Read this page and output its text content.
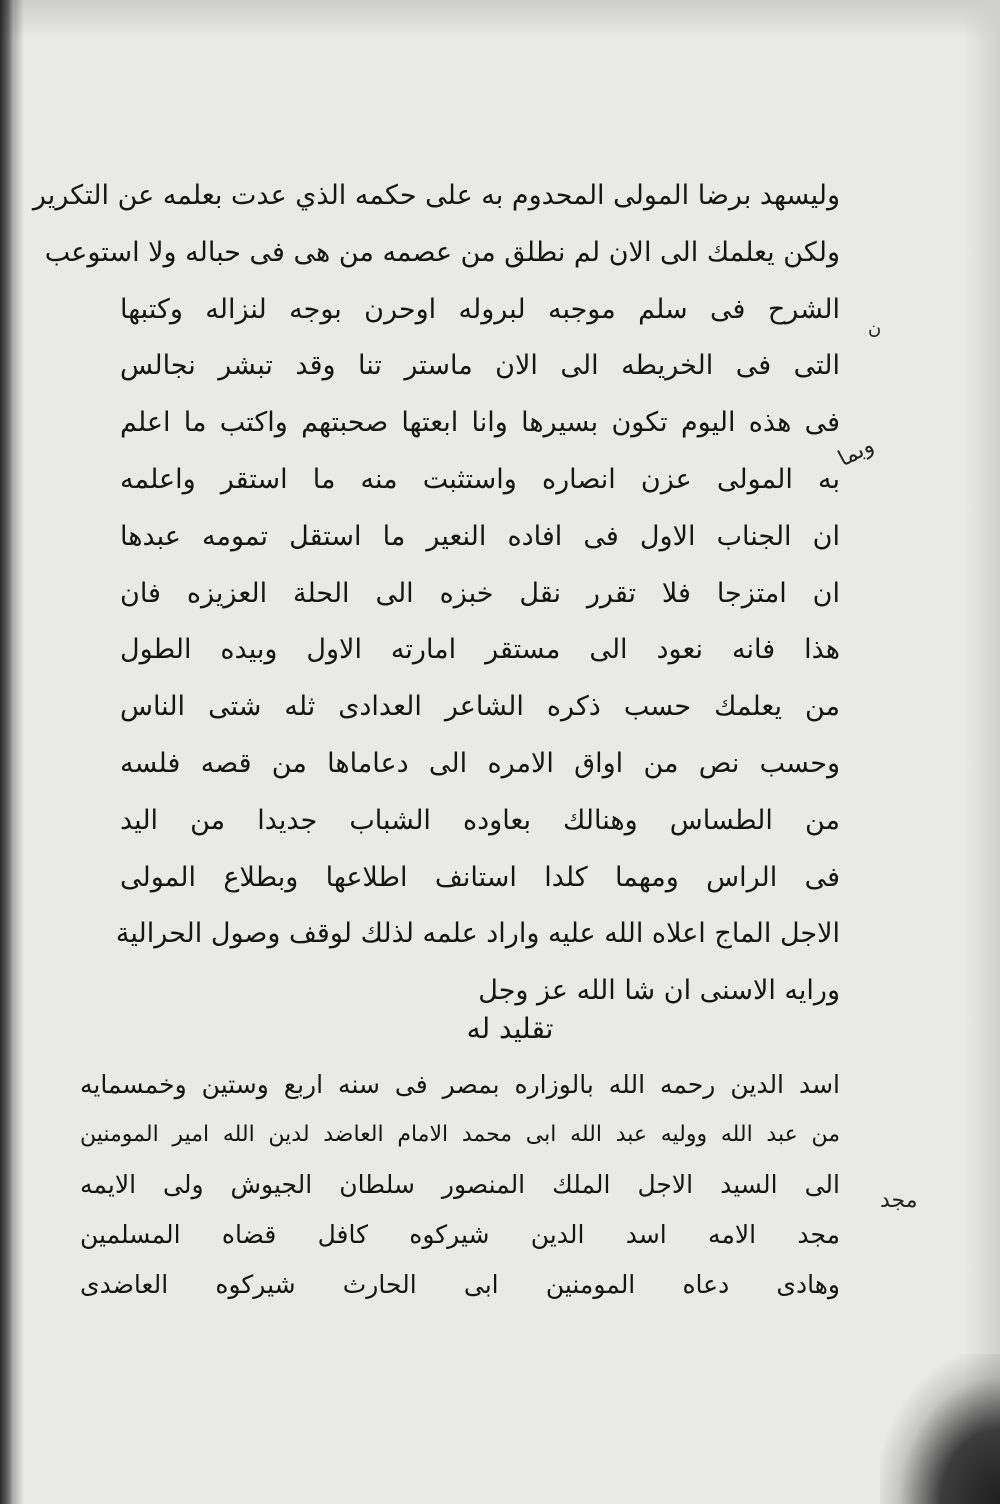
وليسهد برضا المولى المحدوم به على حكمه الذي عدت بعلمه عن التكرير
ولكن يعلمك الى الان لم نطلق من عصمه من هى فى حباله ولا استوعب
الشرح فى سلم موجبه لبروله اوحرن بوجه لنزاله وكتبها
التى فى الخريطه الى الان ماستر تنا وقد تبشر نجالس
فى هذه اليوم تكون بسيرها وانا ابعتها صحبتهم واكتب ما اعلم
به المولى عزن انصاره واستثبت منه ما استقر واعلمه
ان الجناب الاول فى افاده النعير ما استقل تمومه عبدها
ان امتزجا فلا تقرر نقل خبزه الى الحلة العزيزه فان
هذا فانه نعود الى مستقر امارته الاول وبيده الطول
من يعلمك حسب ذكره الشاعر العدادى ثله شتى الناس
وحسب نص من اواق الامره الى دعاماها من قصه فلسه
من الطساس وهنالك بعاوده الشباب جديدا من اليد
فى الراس ومهما كلدا استانف اطلاعها وبطلاع المولى
الاجل الماج اعلاه الله عليه واراد علمه لذلك لوقف وصول الحرالية
ورايه الاسنى ان شا الله عز وجل
تقليد له
اسد الدين رحمه الله بالوزاره بمصر فى سنه اربع وستين وخمسمايه
من عبد الله ووليه عبد الله ابى محمد الامام العاضد لدين الله امير المومنين
الى السيد الاجل الملك المنصور سلطان الجيوش ولى الايمه
مجد الامه اسد الدين شيركوه كافل قضاه المسلمين
وهادى دعاه المومنين ابى الحارث شيركوه العاضدى
ن
وبما
مجد
